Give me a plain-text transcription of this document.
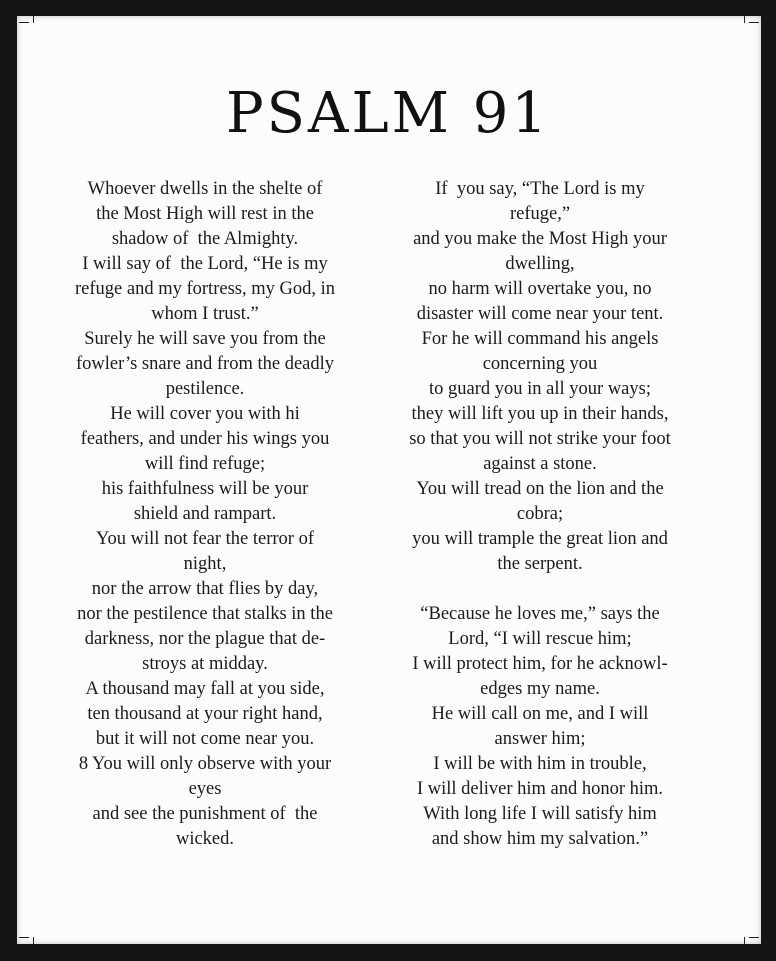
PSALM 91
Whoever dwells in the shelte of
the Most High will rest in the
shadow of  the Almighty.
I will say of  the Lord, “He is my
refuge and my fortress, my God, in
whom I trust.”
Surely he will save you from the
fowler’s snare and from the deadly
pestilence.
He will cover you with hi
feathers, and under his wings you
will find refuge;
his faithfulness will be your
shield and rampart.
You will not fear the terror of
night,
nor the arrow that flies by day,
nor the pestilence that stalks in the
darkness, nor the plague that de-
stroys at midday.
A thousand may fall at you side,
ten thousand at your right hand,
but it will not come near you.
8 You will only observe with your
eyes
and see the punishment of  the
wicked.
If  you say, “The Lord is my
refuge,”
and you make the Most High your
dwelling,
no harm will overtake you, no
disaster will come near your tent.
For he will command his angels
concerning you
to guard you in all your ways;
they will lift you up in their hands,
so that you will not strike your foot
against a stone.
You will tread on the lion and the
cobra;
you will trample the great lion and
the serpent.
“Because he loves me,” says the
Lord, “I will rescue him;
I will protect him, for he acknowl-
edges my name.
He will call on me, and I will
answer him;
I will be with him in trouble,
I will deliver him and honor him.
With long life I will satisfy him
and show him my salvation.”
